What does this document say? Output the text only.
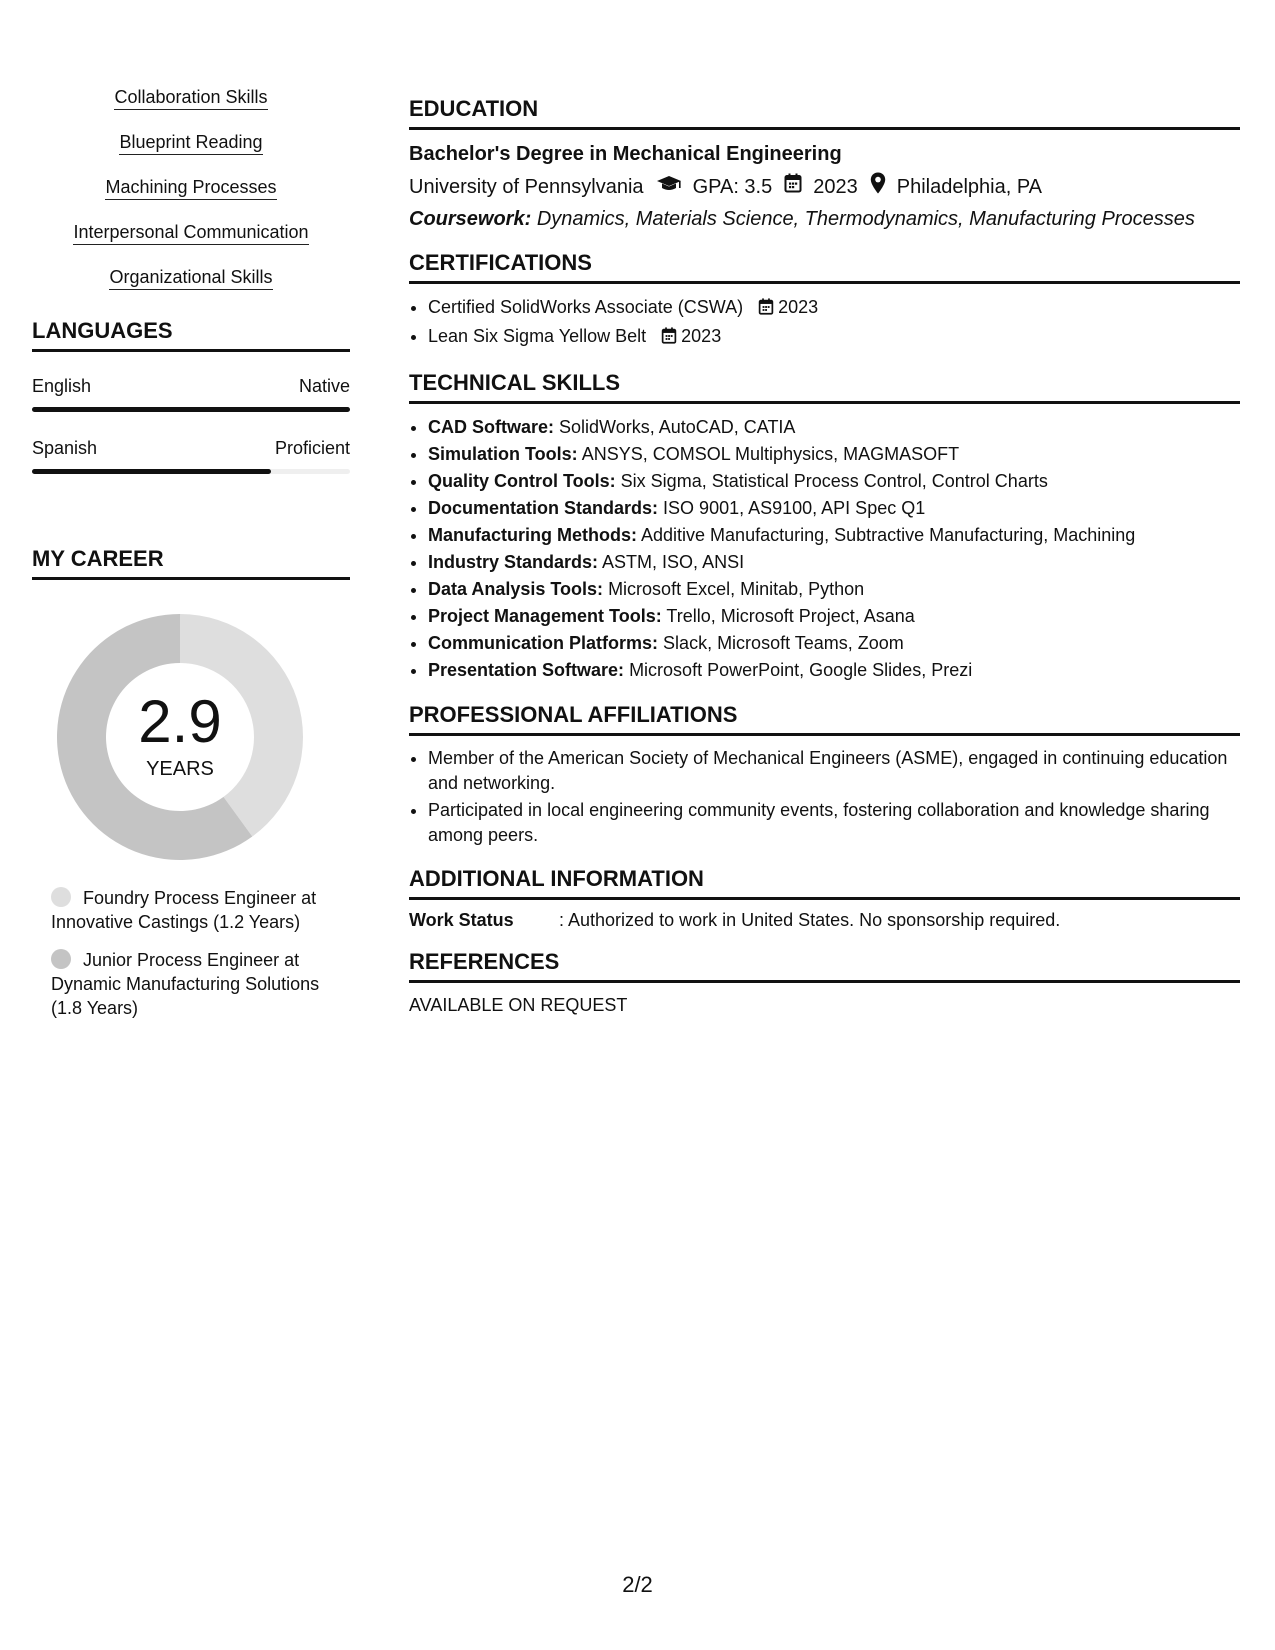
Collaboration Skills
Blueprint Reading
Machining Processes
Interpersonal Communication
Organizational Skills
LANGUAGES
English	Native
Spanish	Proficient
MY CAREER
2.9
YEARS
Foundry Process Engineer at Innovative Castings (1.2 Years)
Junior Process Engineer at Dynamic Manufacturing Solutions (1.8 Years)
EDUCATION
Bachelor's Degree in Mechanical Engineering
University of Pennsylvania GPA: 3.5 2023 Philadelphia, PA
Coursework: Dynamics, Materials Science, Thermodynamics, Manufacturing Processes
CERTIFICATIONS
• Certified SolidWorks Associate (CSWA) 2023
• Lean Six Sigma Yellow Belt 2023
TECHNICAL SKILLS
• CAD Software: SolidWorks, AutoCAD, CATIA
• Simulation Tools: ANSYS, COMSOL Multiphysics, MAGMASOFT
• Quality Control Tools: Six Sigma, Statistical Process Control, Control Charts
• Documentation Standards: ISO 9001, AS9100, API Spec Q1
• Manufacturing Methods: Additive Manufacturing, Subtractive Manufacturing, Machining
• Industry Standards: ASTM, ISO, ANSI
• Data Analysis Tools: Microsoft Excel, Minitab, Python
• Project Management Tools: Trello, Microsoft Project, Asana
• Communication Platforms: Slack, Microsoft Teams, Zoom
• Presentation Software: Microsoft PowerPoint, Google Slides, Prezi
PROFESSIONAL AFFILIATIONS
• Member of the American Society of Mechanical Engineers (ASME), engaged in continuing education and networking.
• Participated in local engineering community events, fostering collaboration and knowledge sharing among peers.
ADDITIONAL INFORMATION
Work Status	: Authorized to work in United States. No sponsorship required.
REFERENCES
AVAILABLE ON REQUEST
2/2
